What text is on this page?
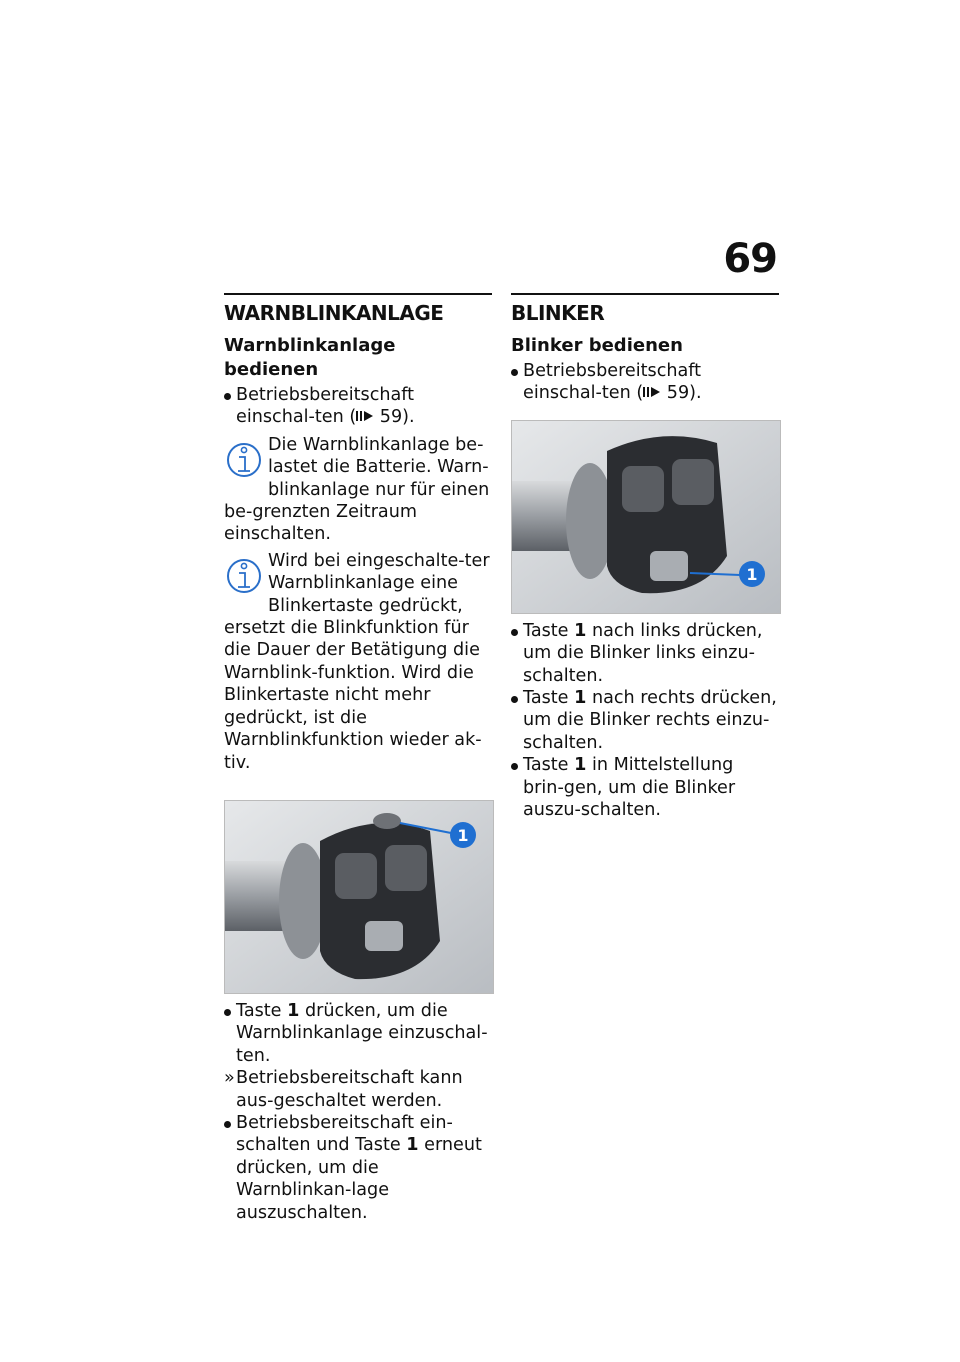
69
WARNBLINKANLAGE
Warnblinkanlage bedienen
Betriebsbereitschaft einschal-ten ( 59).

Die Warnblinkanlage be-lastet die Batterie. Warn-blinkanlage nur für einen be-grenzten Zeitraum einschalten.

Wird bei eingeschalte-ter Warnblinkanlage eine Blinkertaste gedrückt, ersetzt die Blinkfunktion für die Dauer der Betätigung die Warnblink-funktion. Wird die Blinkertaste nicht mehr gedrückt, ist die Warnblinkfunktion wieder ak-tiv.

1
Taste 1 drücken, um die Warnblinkanlage einzuschal-ten.
» Betriebsbereitschaft kann aus-geschaltet werden.
Betriebsbereitschaft ein-schalten und Taste 1 erneut drücken, um die Warnblinkan-lage auszuschalten.
BLINKER
Blinker bedienen
Betriebsbereitschaft einschal-ten ( 59).
1
Taste 1 nach links drücken, um die Blinker links einzu-schalten.
Taste 1 nach rechts drücken, um die Blinker rechts einzu-schalten.
Taste 1 in Mittelstellung brin-gen, um die Blinker auszu-schalten.
